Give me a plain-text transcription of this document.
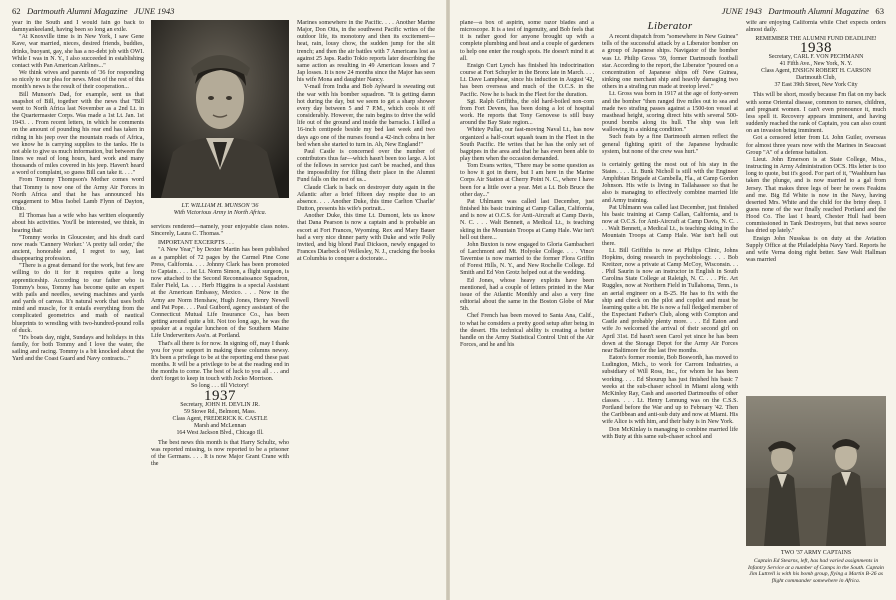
62 Dartmouth Alumni Magazine JUNE 1943

year in the South and I would fain go back to damnyankeeland, having been so long an exile.

"At Knoxville time is in New York, I saw Gene Kave, war married, nieces, desired friends, buddies, drinks, buoyant, gay, she has a no-debt job with OWI. While I was in N. Y., I also succeeded in establishing contact with Pan American Airlines..."

We think wives and parents of '36 for responding so nicely to our plea for news. Most of the rest of this month's news is the result of their cooperation...

Bill Munson's Dad, for example, sent us that snapshot of Bill, together with the news that "Bill went to North Africa last November as a 2nd Lt. in the Quartermaster Corps. Was made a 1st Lt. Jan. 1st 1943. . . From recent letters, in which he comments on the amount of pounding his rear end has taken in riding in his jeep over the mountain roads of Africa, we know he is carrying supplies to the tanks. He is not able to give us much information, but between the lines we read of long hours, hard work and many thousands of miles covered in his jeep. Haven't heard a word of complaint, so guess Bill can take it. . . ."

From Tommy Thompson's Mother comes word that Tommy is now one of the Army Air Forces in North Africa and that he has announced his engagement to Miss Isobel Lamb Flynn of Dayton, Ohio.

El Thomas has a wife who has written eloquently about his activities. You'll be interested, we think, in hearing that:

"Tommy works in Gloucester, and his draft card now reads 'Cannery Worker.' 'A pretty tall order,' the ancient, honorable and, I regret to say, last disappearing profession.

"There is a great demand for the work, but few are willing to do it for it requires quite a long apprenticeship. According to our father who is Tommy's boss, Tommy has become quite an expert with pails and needles, sewing machines and yards and yards of canvas. It's natural work that uses both mind and muscle, for it entails everything from the complicated geometrics and math of nautical blueprints to wrestling with two-hundred-pound rolls of duck.

"It's boats day, night, Sundays and holidays in this family, for both Tommy and I love the water, the sailing and racing. Tommy is a bit knocked about the Yard and the Coast Guard and Navy contracts..."

LT. WILLIAM H. MUNSON '36
With Victorious Army in North Africa.

services rendered—namely, your enjoyable class notes. Sincerely, Laura C. Thomas."

IMPORTANT EXCERPTS . . .

"A New Year," by Dexter Martin has been published as a pamphlet of 72 pages by the Carmel Pine Cone Press, California. . . . Johnny Clark has been promoted to Captain. . . . 1st Lt. Norm Simon, a flight surgeon, is now attached to the Second Reconnaissance Squadron, Esler Field, La. . . . Herb Higgins is a special Assistant at the American Embassy, Mexico. . . . Now in the Army are Norm Henshaw, Hugh Jones, Henry Newell and Pat Pope. . . . Paul Guibord, agency assistant of the Connecticut Mutual Life Insurance Co., has been getting around quite a bit. Not too long ago, he was the speaker at a regular luncheon of the Southern Maine Life Underwriters Ass'n. at Portland.

That's all there is for now. In signing off, may I thank you for your support in making these columns newsy. It's been a privilege to be at the reporting end these past months. It will be a privilege to be at the reading end in the months to come. The best of luck to you all . . . and don't forget to keep in touch with Jocko Morrison.

So long . . . till Victory!

1937
Secretary, JOHN H. DEVLIN JR.
59 Stowe Rd., Belmont, Mass.
Class Agent, FREDERICK K. CASTLE
Marsh and McLennan
164 West Jackson Blvd., Chicago Ill.

The best news this month is that Harry Schultz, who was reported missing, is now reported to be a prisoner of the Germans. . . . It is now Major Grant Crane with the

Marines somewhere in the Pacific. . . . Another Marine Major, Don Otis, in the southwest Pacific writes of the outdoor life, its monotony and then its excitement—heat, rain, lousy chow, the sudden jump for the slit trench; and then the air battles with 7 Americans lost as against 25 Japs. Radio Tokio reports later describing the same action as resulting in 49 American losses and 7 Jap losses. It is now 24 months since the Major has seen his wife Mona and daughter Nancy.

V-mail from India and Bob Aylward is sweating out the war with his bomber squadron. "It is getting damn hot during the day, but we seem to get a sharp shower every day between 5 and 7 P.M., which cools it off considerably. However, the rain begins to drive the wild life out of the ground and inside the barracks. I killed a 16-inch centipede beside my bed last week and two days ago one of the nurses found a 42-inch cobra in her bed when she started to turn in. Ah, New England!"

Paul Castle is concerned over the number of contributors thus far—which hasn't been too large. A lot of the fellows in service just can't be reached, and thus the impossibility for filling their place in the Alumni Fund falls on the rest of us...

Claude Clark is back on destroyer duty again in the Atlantic after a brief fifteen day respite due to an absence. . . . Another Duke, this time Carlton 'Charlie' Dutton, presents his wife's portrait...

Another Duke, this time Lt. Dumont, lets us know that Dana Pearson is now a captain and is probable an escort at Fort Frances, Wyoming. Rex and Mary Bauer had a very nice dinner party with Duke and wife Polly invited, and big blond Paul Dickson, newly engaged to Frances Diarbeck of Wellesley, N. J., cracking the books at Columbia to conquer a doctorate...

JUNE 1943 Dartmouth Alumni Magazine 63

plane—a box of aspirin, some razor blades and a microscope. It is a test of ingenuity, and Bob feels that it is rather good for anyone brought up with a complete plumbing and heat and a couple of gardeners to help one enter the rough spots. He doesn't mind it at all.

Ensign Curt Lynch has finished his indoctrination course at Fort Schuyler in the Bronx late in March. . . . Lt. Dave Lamphear, since his induction in August '42, has been overseas and much of the O.C.S. in the Pacific. Now he is back in the Fleet for the duration.

Sgt. Ralph Griffiths, the old hard-boiled non-com from Fort Devens, has been doing a lot of hospital work. He reports that Tony Genovese is still busy around the Bay State region...

Whitey Pullar, our fast-moving Naval Lt., has now organized a half-court squash team in the Fleet in the South Pacific. He writes that he has the only set of bagpipes in the area and that he has even been able to play them when the occasion demanded.

Tom Evans writes, "There may be some question as to how it got in there, but I am here in the Marine Corps Air Station at Cherry Point N. C., where I have been for a little over a year. Met a Lt. Bob Bruce the other day..."

Pat Uhlmann was called last December, just finished his basic training at Camp Callan, California, and is now at O.C.S. for Anti-Aircraft at Camp Davis, N. C. . . . Walt Bennett, a Medical Lt., is teaching skiing in the Mountain Troops at Camp Hale. War isn't hell out there...

John Buxton is now engaged to Gloria Gambacheri of Larchmont and Mt. Holyoke College. . . . Vince Tavernise is now married to the former Flora Griffin of Forest Hills, N. Y., and New Rochelle College. Ed Smith and Ed Von Grotz helped out at the wedding.

Ed Jones, whose heavy exploits have been mentioned, had a couple of letters printed in the Mar issue of the Atlantic Monthly and also a very fine editorial about the same in the Boston Globe of Mar 5th.

Chef French has been moved to Santa Ana, Calif., to what he considers a pretty good setup after being in the desert. His technical ability is creating a better handle on the Army Statistical Control Unit of the Air Forces, and he and his

Liberator

A recent dispatch from "somewhere in New Guinea" tells of the successful attack by a Liberator bomber on a group of Japanese ships. Navigator of the bomber was Lt. Philip Gross '39, former Dartmouth football star. According to the report, the Liberator "poured on a concentration of Japanese ships off New Guinea, sinking one merchant ship and heavily damaging two others in a strafing run made at treetop level."

Lt. Gross was born in 1917 at the age of forty-seven and the bomber "then ranged five miles out to sea and made two strafing passes against a 1500-ton vessel at masthead height, scoring direct hits with several 500-pound bombs along its hull. The ship was left wallowing in a sinking condition."

Such feats by a fine Dartmouth airmen reflect the general fighting spirit of the Japanese hydraulic system, but none of the crew was hurt."

is certainly getting the most out of his stay in the States. . . . Lt. Bunk Nicholl is still with the Engineer Amphibian Brigade at Cambella, Fla., at Camp Gordon Johnson. His wife is living in Tallahassee so that he also is managing to effectively combine married life and Army training.

Pat Uhlmann was called last December, just finished his basic training at Camp Callan, California, and is now at O.C.S. for Anti-Aircraft at Camp Davis, N. C. . . . Walt Bennett, a Medical Lt., is teaching skiing in the Mountain Troops at Camp Hale. War isn't hell out there.

Lt. Bill Griffiths is now at Philips Clinic, Johns Hopkins, doing research in psychobiology. . . . Bob Kreitzer, now a private at Camp McCoy, Wisconsin. . . . Phil Saurin is now an instructor in English in South Carolina State College at Raleigh, N. C. . . . Pfc. Art Ruggles, now at Northern Field in Tullahoma, Tenn., is an aerial engineer on a B-25. He has to fix with the ship and check on the pilot and copilot and must be learning quite a bit. He is now a full fledged member of the Expectant Father's Club, along with Compton and Castle and probably plenty more. . . . Ed Eaton and wife Jo welcomed the arrival of their second girl on April 31st. Ed hasn't seen Carol yet since he has been down at the Storage Depot for the Army Air Forces near Baltimore for the last five months.

Eaton's former roomie, Bob Bosworth, has moved to Ludington, Mich., to work for Carrom Industries, a subsidiary of Will Ross, Inc., for whom he has been working. . . . Ed Shourup has just finished his basic 7 weeks at the sub-chaser school in Miami along with McKinley Ray, Cash and assorted Dartmouths of other classes. . . . Lt. Henry Lennung was on the C.S.S. Portland before the War and up to February '42. Then the Caribbean and anti-sub duty and now at Miami. His wife Alice is with him, and their baby is in New York.

Don McKinlay is managing to combine married life with Buty at this same sub-chaser school and

wife are enjoying California while Chef expects orders almost daily.

REMEMBER THE ALUMNI FUND DEADLINE!
1938
Secretary, CARL F. VON PECHMANN
41 Fifth Ave., New York, N. Y.
Class Agent, ENSIGN ROBERT H. CARSON
Dartmouth Club,
37 East 39th Street, New York City

This will be short, mostly because I'm flat on my back with some Oriental disease, common to nurses, children, and pregnant women. I can't even pronounce it, much less spell it. Recovery appears imminent, and having suddenly reached the rank of Captain, you can also count on an invasion being imminent.

Got a censored letter from Lt. John Guiler, overseas for almost three years now with the Marines in Seacoast Group "A" of a defense battalion.

Lieut. John Emerson is at State College, Miss., instructing in Army Administration OCS. His letter is too long to quote, but it's good. For part of it, "Washburn has taken the plunge, and is now married to a gal from Jersey. That makes three legs of beer he owes Feakins and me. Big Ed White is now in the Navy, having deserted Mrs. White and the child for the briny deep. I guess none of the war finally reached Portland and the Hood Co. The last I heard, Chester Hull had been commissioned in Tank Destroyers, but that news source has dried up lately."

Ensign John Nusskaa is on duty at the Aviation Supply Office at the Philadelphia Navy Yard. Reports he and wife Verna doing right better. Saw Walt Hallman was married

TWO '37 ARMY CAPTAINS
Captain Ed Stearns, left, has had varied assignments in Infantry Service at a number of Camps in the South. Captain Jim Luttrell is with his bomb group, flying a Martin B-26 as flight commander somewhere in Africa.
